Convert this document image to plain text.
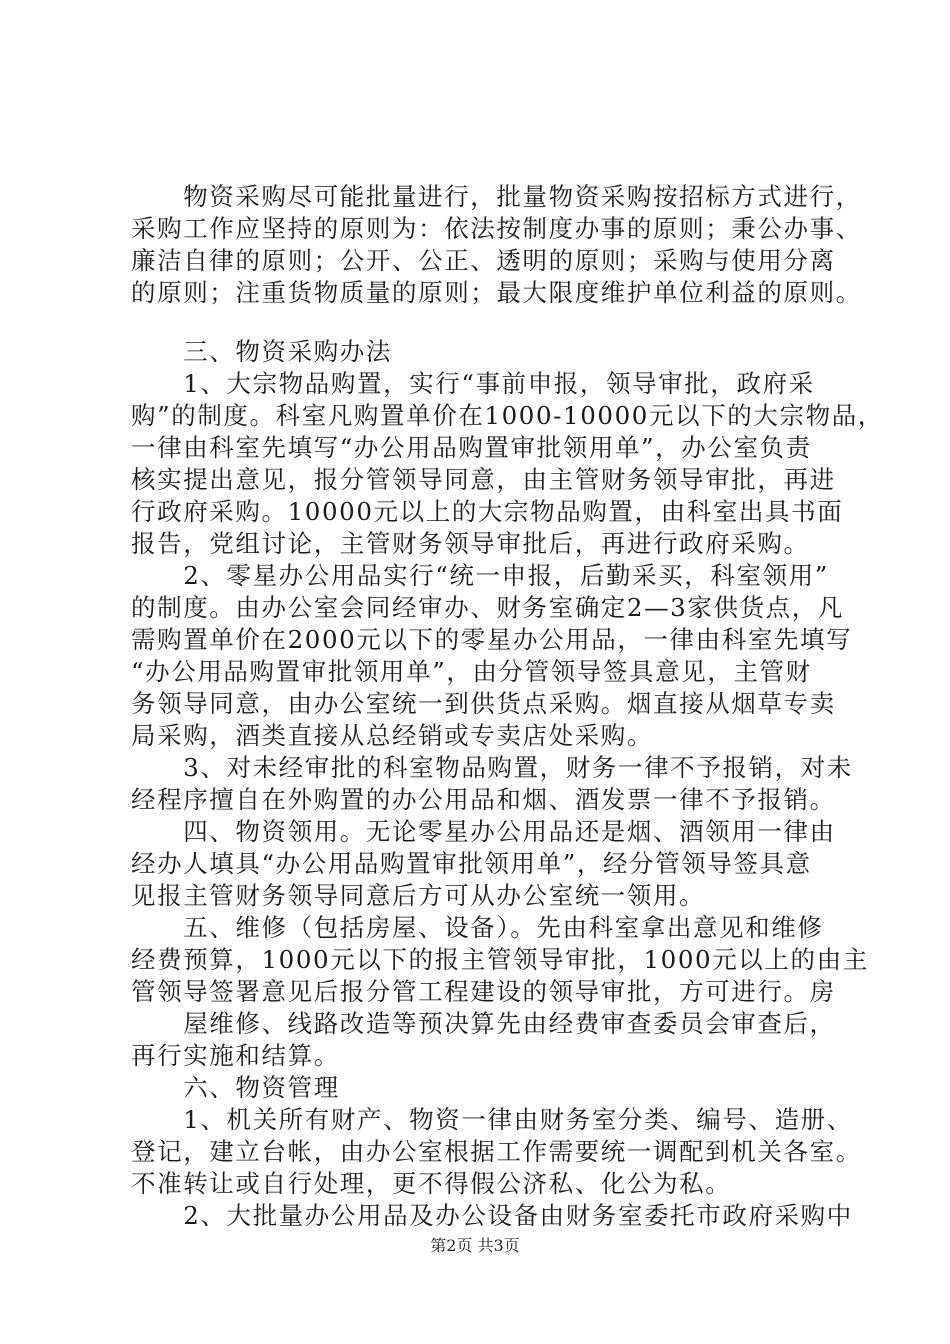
　　物资采购尽可能批量进行，批量物资采购按招标方式进行，
采购工作应坚持的原则为：依法按制度办事的原则；秉公办事、
廉洁自律的原则；公开、公正、透明的原则；采购与使用分离
的原则；注重货物质量的原则；最大限度维护单位利益的原则。
　　三、物资采购办法
　　1、大宗物品购置，实行“事前申报，领导审批，政府采
购”的制度。科室凡购置单价在1000-10000元以下的大宗物品，
一律由科室先填写“办公用品购置审批领用单”，办公室负责
核实提出意见，报分管领导同意，由主管财务领导审批，再进
行政府采购。10000元以上的大宗物品购置，由科室出具书面
报告，党组讨论，主管财务领导审批后，再进行政府采购。
　　2、零星办公用品实行“统一申报，后勤采买，科室领用”
的制度。由办公室会同经审办、财务室确定2—3家供货点，凡
需购置单价在2000元以下的零星办公用品，一律由科室先填写
“办公用品购置审批领用单”，由分管领导签具意见，主管财
务领导同意，由办公室统一到供货点采购。烟直接从烟草专卖
局采购，酒类直接从总经销或专卖店处采购。
　　3、对未经审批的科室物品购置，财务一律不予报销，对未
经程序擅自在外购置的办公用品和烟、酒发票一律不予报销。
　　四、物资领用。无论零星办公用品还是烟、酒领用一律由
经办人填具“办公用品购置审批领用单”，经分管领导签具意
见报主管财务领导同意后方可从办公室统一领用。
　　五、维修（包括房屋、设备）。先由科室拿出意见和维修
经费预算，1000元以下的报主管领导审批，1000元以上的由主
管领导签署意见后报分管工程建设的领导审批，方可进行。房
　　屋维修、线路改造等预决算先由经费审查委员会审查后，
再行实施和结算。
　　六、物资管理
　　1、机关所有财产、物资一律由财务室分类、编号、造册、
登记，建立台帐，由办公室根据工作需要统一调配到机关各室。
不准转让或自行处理，更不得假公济私、化公为私。
　　2、大批量办公用品及办公设备由财务室委托市政府采购中
第2页 共3页
